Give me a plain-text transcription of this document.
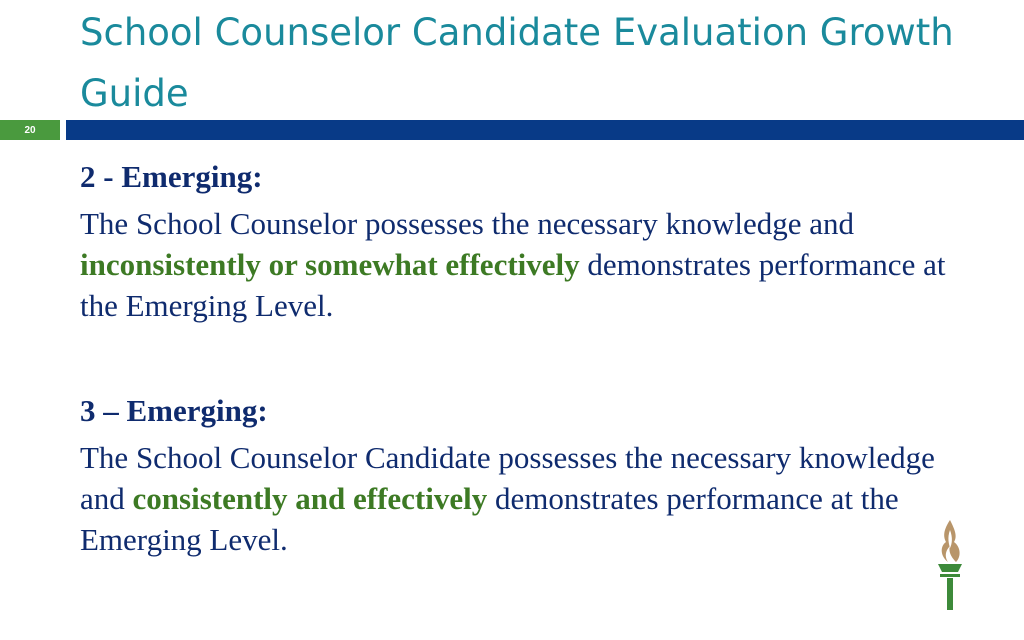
School Counselor Candidate Evaluation Growth Guide
20

2 - Emerging:

The School Counselor possesses the necessary knowledge and inconsistently or somewhat effectively demonstrates performance at the Emerging Level.

3 – Emerging:

The School Counselor Candidate possesses the necessary knowledge and consistently and effectively demonstrates performance at the Emerging Level.
